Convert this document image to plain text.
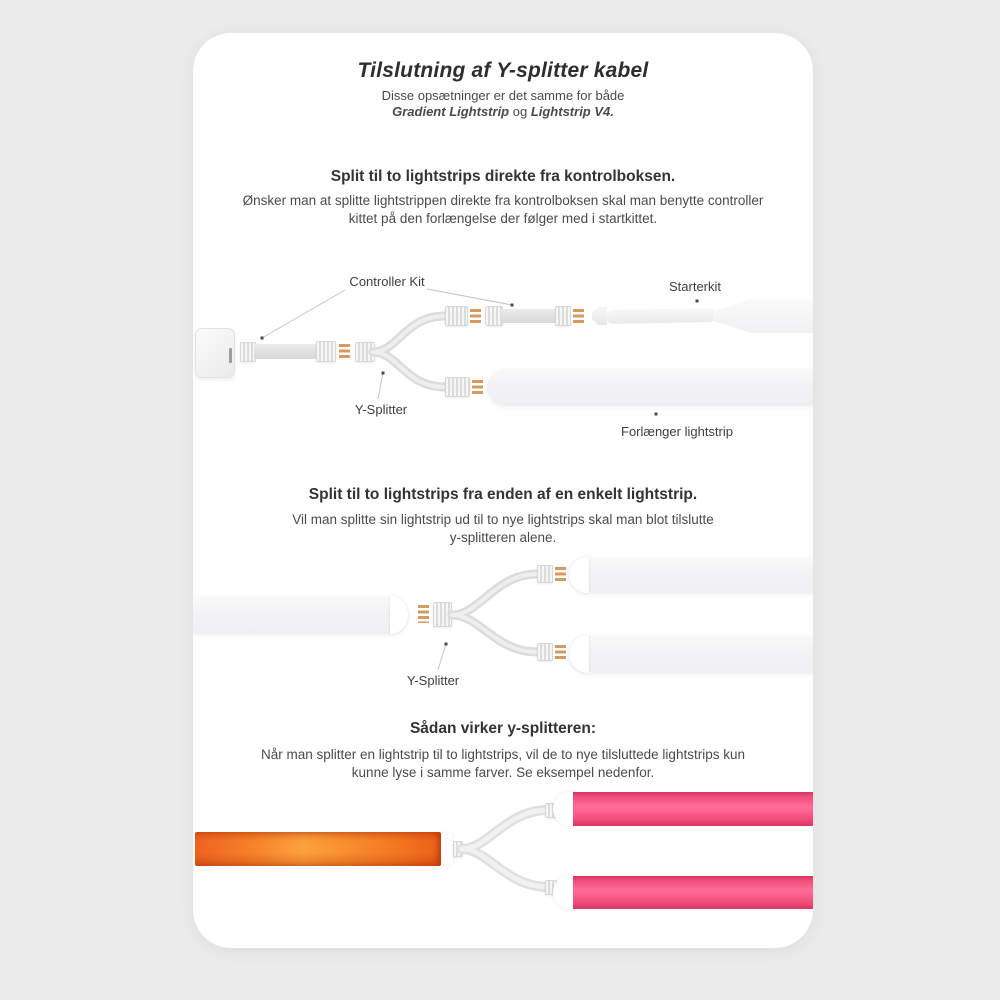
Tilslutning af Y-splitter kabel
Disse opsætninger er det samme for både
Gradient Lightstrip og Lightstrip V4.
Split til to lightstrips direkte fra kontrolboksen.
Ønsker man at splitte lightstrippen direkte fra kontrolboksen skal man benytte controller
kittet på den forlængelse der følger med i startkittet.
Controller Kit	Starterkit
Y-Splitter
Forlænger lightstrip
Split til to lightstrips fra enden af en enkelt lightstrip.
Vil man splitte sin lightstrip ud til to nye lightstrips skal man blot tilslutte
y-splitteren alene.
Y-Splitter
Sådan virker y-splitteren:
Når man splitter en lightstrip til to lightstrips, vil de to nye tilsluttede lightstrips kun
kunne lyse i samme farver. Se eksempel nedenfor.
